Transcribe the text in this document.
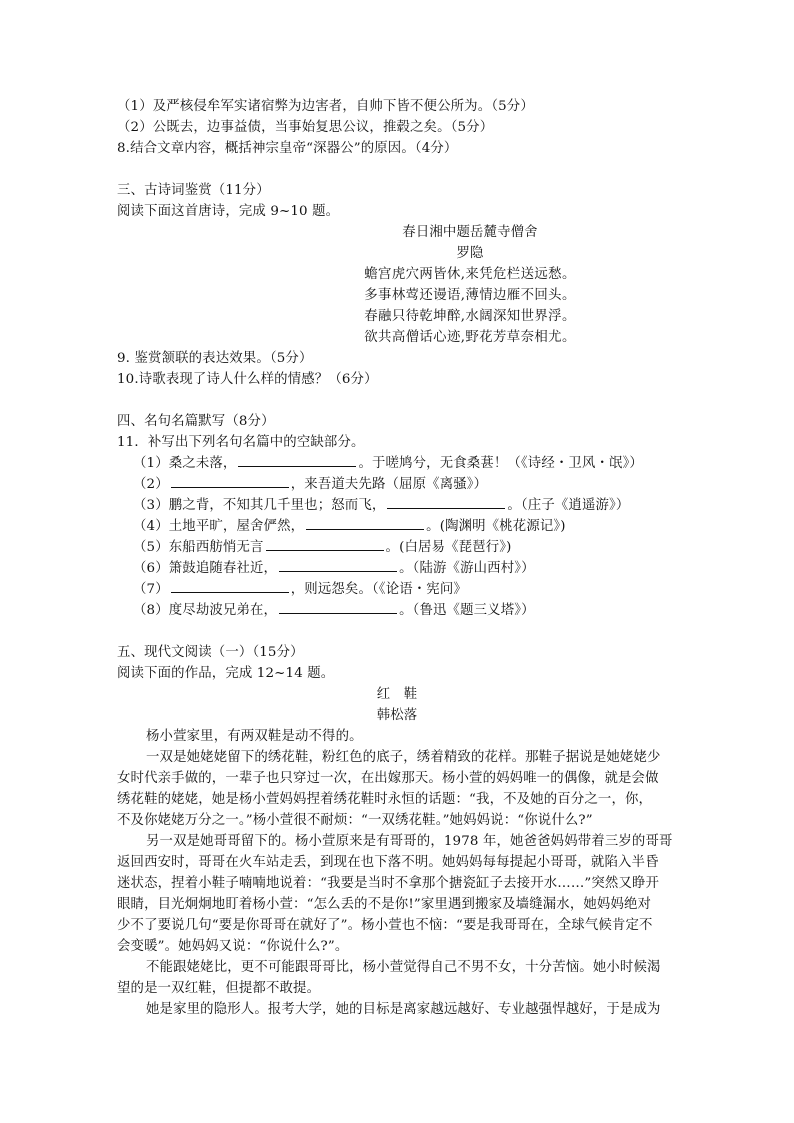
（1）及严核侵牟军实诸宿弊为边害者，自帅下皆不便公所为。（5分）
（2）公既去，边事益债，当事始复思公议，推毂之矣。（5分）
8.结合文章内容，概括神宗皇帝“深器公”的原因。（4分）
三、古诗词鉴赏（11分）
阅读下面这首唐诗，完成 9~10 题。
春日湘中题岳麓寺僧舍
罗隐
蟾宫虎穴两皆休,来凭危栏送远愁。
多事林莺还谩语,薄情边雁不回头。
春融只待乾坤醉,水阔深知世界浮。
欲共高僧话心迹,野花芳草奈相尤。
9. 鉴赏颔联的表达效果。（5分）
10.诗歌表现了诗人什么样的情感？（6分）
四、名句名篇默写（8分）
11．补写出下列名句名篇中的空缺部分。
（1）桑之未落，	。于嗟鸠兮，无食桑葚！（《诗经・卫风・氓》）
（2）	，来吾道夫先路（屈原《离骚》）
（3）鹏之背，不知其几千里也；怒而飞，	。（庄子《逍遥游》）
（4）土地平旷，屋舍俨然，	。(陶渊明《桃花源记》)
（5）东船西舫悄无言	。(白居易《琵琶行》)
（6）箫鼓追随春社近，	。（陆游《游山西村》）
（7）	，则远怨矣。（《论语・宪问》
（8）度尽劫波兄弟在，	。（鲁迅《题三义塔》）
五、现代文阅读（一）（15分）
阅读下面的作品，完成 12~14 题。
红　鞋
韩松落
杨小萱家里，有两双鞋是动不得的。
一双是她姥姥留下的绣花鞋，粉红色的底子，绣着精致的花样。那鞋子据说是她姥姥少
女时代亲手做的，一辈子也只穿过一次，在出嫁那天。杨小萱的妈妈唯一的偶像，就是会做
绣花鞋的姥姥，她是杨小萱妈妈捏着绣花鞋时永恒的话题：“我，不及她的百分之一，你，
不及你姥姥万分之一。”杨小萱很不耐烦：“一双绣花鞋。”她妈妈说：“你说什么?”
另一双是她哥哥留下的。杨小萱原来是有哥哥的，1978 年，她爸爸妈妈带着三岁的哥哥
返回西安时，哥哥在火车站走丢，到现在也下落不明。她妈妈每每提起小哥哥，就陷入半昏
迷状态，捏着小鞋子喃喃地说着：“我要是当时不拿那个搪瓷缸子去接开水……”突然又睁开
眼睛，目光炯炯地盯着杨小萱：“怎么丢的不是你!”家里遇到搬家及墙缝漏水，她妈妈绝对
少不了要说几句“要是你哥哥在就好了”。杨小萱也不恼：“要是我哥哥在，全球气候肯定不
会变暖”。她妈妈又说：“你说什么?”。
不能跟姥姥比，更不可能跟哥哥比，杨小萱觉得自己不男不女，十分苦恼。她小时候渴
望的是一双红鞋，但提都不敢提。
她是家里的隐形人。报考大学，她的目标是离家越远越好、专业越强悍越好，于是成为
